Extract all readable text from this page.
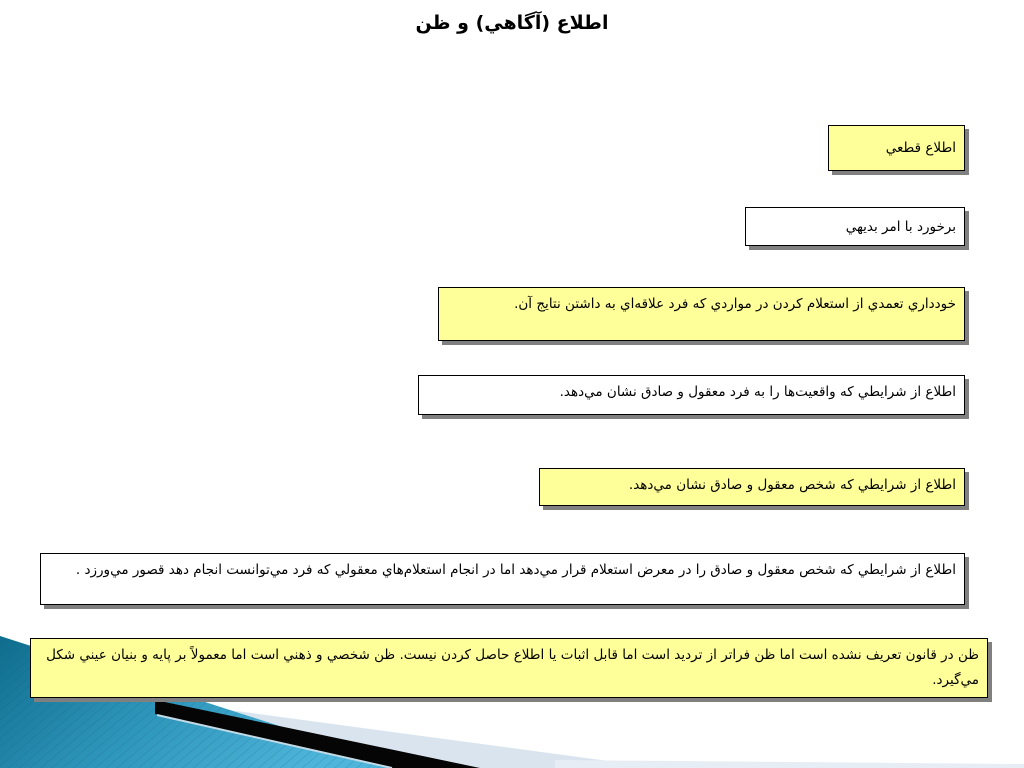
اطلاع (آگاهي) و ظن
اطلاع قطعي
برخورد با امر بديهي
خودداري تعمدي از استعلام كردن در مواردي كه فرد علاقه‌اي به داشتن نتايج آن.
اطلاع از شرايطي كه واقعيت‌ها را به فرد معقول و صادق نشان مي‌دهد.
اطلاع از شرايطي كه شخص معقول و صادق نشان مي‌دهد.
اطلاع از شرايطي كه شخص معقول و صادق را در معرض استعلام قرار مي‌دهد اما در انجام استعلام‌هاي معقولي كه فرد مي‌توانست انجام دهد قصور مي‌ورزد .
ظن در قانون تعريف نشده است اما ظن فراتر از ترديد است اما قابل اثبات يا اطلاع حاصل كردن نيست. ظن شخصي و ذهني است اما معمولاً بر پايه و بنيان عيني شكل مي‌گيرد.
